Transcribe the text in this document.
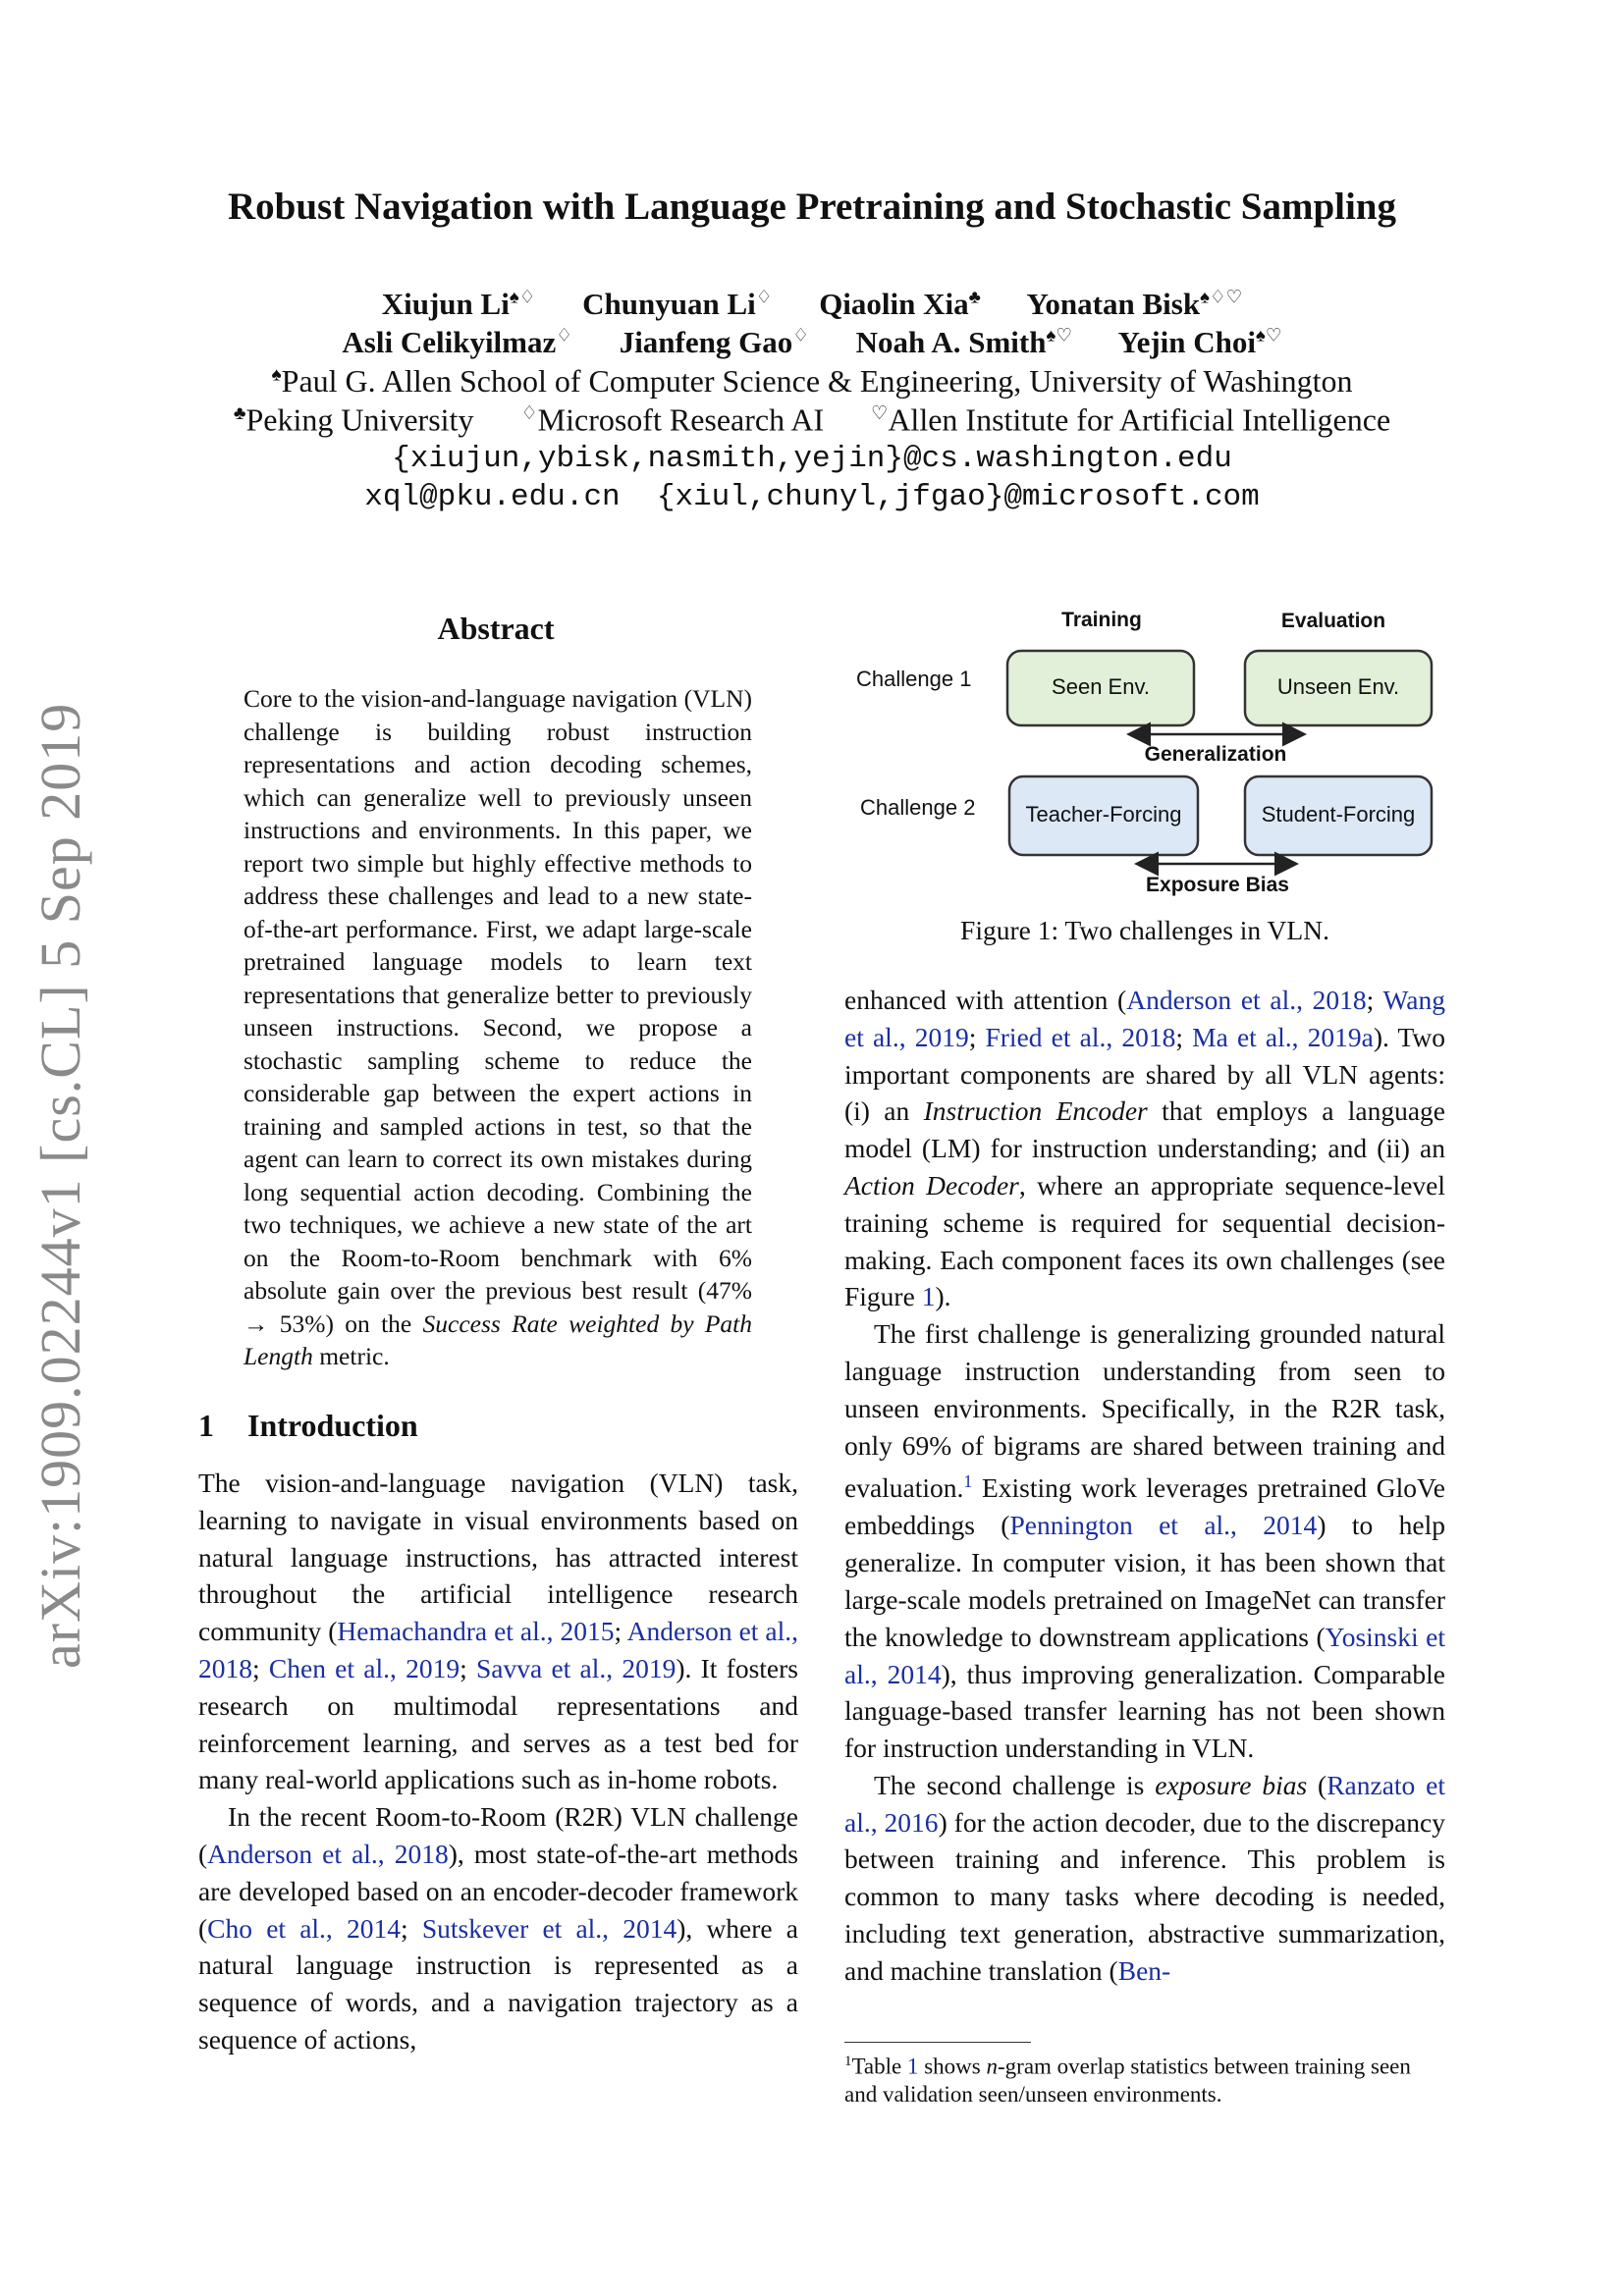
arXiv:1909.02244v1 [cs.CL] 5 Sep 2019
Robust Navigation with Language Pretraining and Stochastic Sampling
Xiujun Li♠♢ Chunyuan Li♢ Qiaolin Xia♣ Yonatan Bisk♠♢♡
Asli Celikyilmaz♢ Jianfeng Gao♢ Noah A. Smith♠♡ Yejin Choi♠♡
♠Paul G. Allen School of Computer Science & Engineering, University of Washington
♣Peking University	♢Microsoft Research AI	♡Allen Institute for Artificial Intelligence
{xiujun,ybisk,nasmith,yejin}@cs.washington.edu
xql@pku.edu.cn  {xiul,chunyl,jfgao}@microsoft.com
Abstract
Core to the vision-and-language navigation (VLN) challenge is building robust instruction representations and action decoding schemes, which can generalize well to previously unseen instructions and environments. In this paper, we report two simple but highly effective methods to address these challenges and lead to a new state-of-the-art performance. First, we adapt large-scale pretrained language models to learn text representations that generalize better to previously unseen instructions. Second, we propose a stochastic sampling scheme to reduce the considerable gap between the expert actions in training and sampled actions in test, so that the agent can learn to correct its own mistakes during long sequential action decoding. Combining the two techniques, we achieve a new state of the art on the Room-to-Room benchmark with 6% absolute gain over the previous best result (47% → 53%) on the Success Rate weighted by Path Length metric.
1 Introduction

The vision-and-language navigation (VLN) task, learning to navigate in visual environments based on natural language instructions, has attracted interest throughout the artificial intelligence research community (Hemachandra et al., 2015; Anderson et al., 2018; Chen et al., 2019; Savva et al., 2019). It fosters research on multimodal representations and reinforcement learning, and serves as a test bed for many real-world applications such as in-home robots.

In the recent Room-to-Room (R2R) VLN challenge (Anderson et al., 2018), most state-of-the-art methods are developed based on an encoder-decoder framework (Cho et al., 2014; Sutskever et al., 2014), where a natural language instruction is represented as a sequence of words, and a navigation trajectory as a sequence of actions,

Training	Evaluation
Challenge 1	Seen Env.	Unseen Env.
Generalization
Challenge 2 Teacher-Forcing	Student-Forcing
Exposure Bias
Figure 1: Two challenges in VLN.

enhanced with attention (Anderson et al., 2018; Wang et al., 2019; Fried et al., 2018; Ma et al., 2019a). Two important components are shared by all VLN agents: (i) an Instruction Encoder that employs a language model (LM) for instruction understanding; and (ii) an Action Decoder, where an appropriate sequence-level training scheme is required for sequential decision-making. Each component faces its own challenges (see Figure 1).

The first challenge is generalizing grounded natural language instruction understanding from seen to unseen environments. Specifically, in the R2R task, only 69% of bigrams are shared between training and evaluation.$^1$ Existing work leverages pretrained GloVe embeddings (Pennington et al., 2014) to help generalize. In computer vision, it has been shown that large-scale models pretrained on ImageNet can transfer the knowledge to downstream applications (Yosinski et al., 2014), thus improving generalization. Comparable language-based transfer learning has not been shown for instruction understanding in VLN.

The second challenge is exposure bias (Ranzato et al., 2016) for the action decoder, due to the discrepancy between training and inference. This problem is common to many tasks where decoding is needed, including text generation, abstractive summarization, and machine translation (Ben-

$^1$Table 1 shows n-gram overlap statistics between training seen and validation seen/unseen environments.
